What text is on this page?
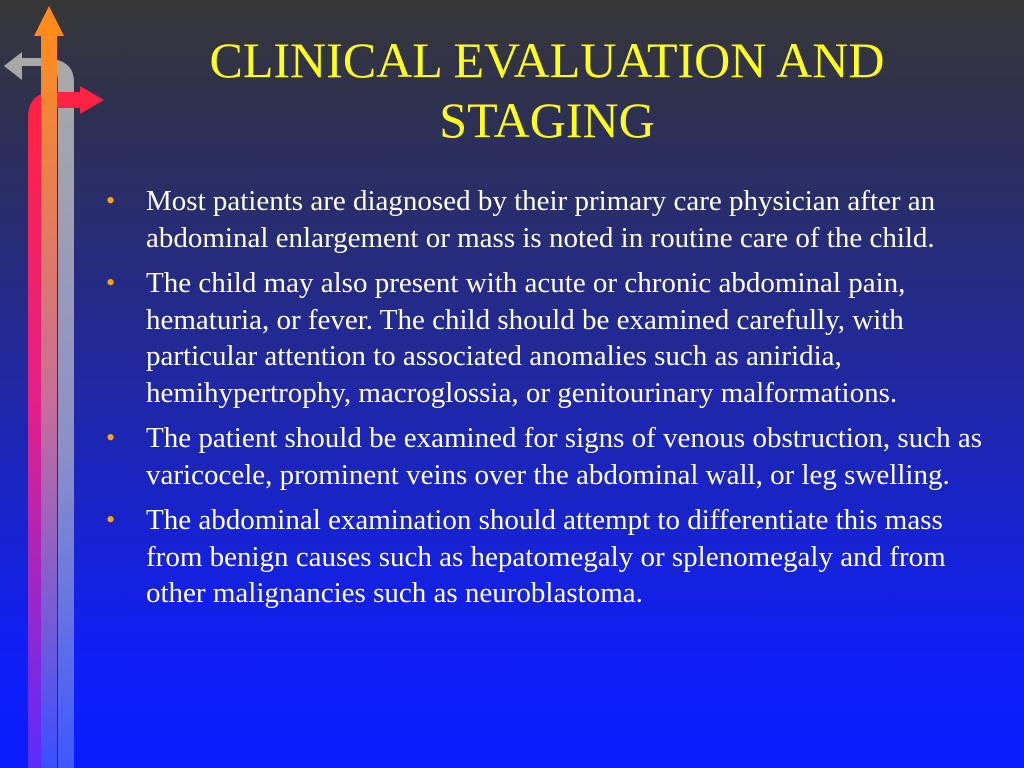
CLINICAL EVALUATION AND
STAGING
• Most patients are diagnosed by their primary care physician after an abdominal enlargement or mass is noted in routine care of the child.
• The child may also present with acute or chronic abdominal pain, hematuria, or fever. The child should be examined carefully, with particular attention to associated anomalies such as aniridia, hemihypertrophy, macroglossia, or genitourinary malformations.
• The patient should be examined for signs of venous obstruction, such as varicocele, prominent veins over the abdominal wall, or leg swelling.
• The abdominal examination should attempt to differentiate this mass from benign causes such as hepatomegaly or splenomegaly and from other malignancies such as neuroblastoma.
